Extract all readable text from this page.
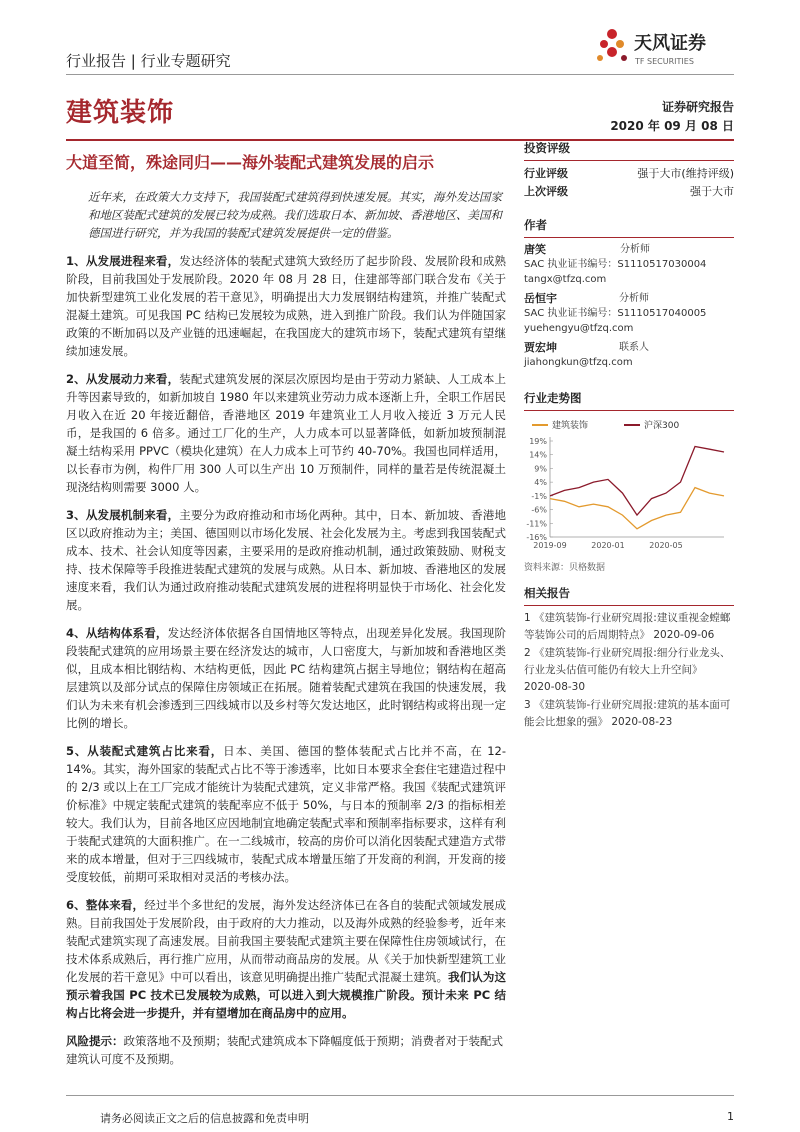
行业报告 | 行业专题研究
天风证券
TF SECURITIES
建筑装饰	证券研究报告
2020 年 09 月 08 日
大道至简，殊途同归——海外装配式建筑发展的启示

近年来，在政策大力支持下，我国装配式建筑得到快速发展。其实，海外发达国家和地区装配式建筑的发展已较为成熟。我们选取日本、新加坡、香港地区、美国和德国进行研究，并为我国的装配式建筑发展提供一定的借鉴。

1、从发展进程来看，发达经济体的装配式建筑大致经历了起步阶段、发展阶段和成熟阶段，目前我国处于发展阶段。2020 年 08 月 28 日，住建部等部门联合发布《关于加快新型建筑工业化发展的若干意见》，明确提出大力发展钢结构建筑，并推广装配式混凝土建筑。可见我国 PC 结构已发展较为成熟，进入到推广阶段。我们认为伴随国家政策的不断加码以及产业链的迅速崛起，在我国庞大的建筑市场下，装配式建筑有望继续加速发展。

2、从发展动力来看，装配式建筑发展的深层次原因均是由于劳动力紧缺、人工成本上升等因素导致的，如新加坡自 1980 年以来建筑业劳动力成本逐渐上升，全职工作居民月收入在近 20 年接近翻倍，香港地区 2019 年建筑业工人月收入接近 3 万元人民币，是我国的 6 倍多。通过工厂化的生产，人力成本可以显著降低，如新加坡预制混凝土结构采用 PPVC（模块化建筑）在人力成本上可节约 40-70%。我国也同样适用，以长春市为例，构件厂用 300 人可以生产出 10 万预制件，同样的量若是传统混凝土现浇结构则需要 3000 人。

3、从发展机制来看，主要分为政府推动和市场化两种。其中，日本、新加坡、香港地区以政府推动为主；美国、德国则以市场化发展、社会化发展为主。考虑到我国装配式成本、技术、社会认知度等因素，主要采用的是政府推动机制，通过政策鼓励、财税支持、技术保障等手段推进装配式建筑的发展与成熟。从日本、新加坡、香港地区的发展速度来看，我们认为通过政府推动装配式建筑发展的进程将明显快于市场化、社会化发展。

4、从结构体系看，发达经济体依据各自国情地区等特点，出现差异化发展。我国现阶段装配式建筑的应用场景主要在经济发达的城市，人口密度大，与新加坡和香港地区类似，且成本相比钢结构、木结构更低，因此 PC 结构建筑占据主导地位；钢结构在超高层建筑以及部分试点的保障住房领域正在拓展。随着装配式建筑在我国的快速发展，我们认为未来有机会渗透到三四线城市以及乡村等欠发达地区，此时钢结构或将出现一定比例的增长。

5、从装配式建筑占比来看，日本、美国、德国的整体装配式占比并不高，在 12-14%。其实，海外国家的装配式占比不等于渗透率，比如日本要求全套住宅建造过程中的 2/3 或以上在工厂完成才能统计为装配式建筑，定义非常严格。我国《装配式建筑评价标准》中规定装配式建筑的装配率应不低于 50%，与日本的预制率 2/3 的指标相差较大。我们认为，目前各地区应因地制宜地确定装配式率和预制率指标要求，这样有利于装配式建筑的大面积推广。在一二线城市，较高的房价可以消化因装配式建造方式带来的成本增量，但对于三四线城市，装配式成本增量压缩了开发商的利润，开发商的接受度较低，前期可采取相对灵活的考核办法。

6、整体来看，经过半个多世纪的发展，海外发达经济体已在各自的装配式领域发展成熟。目前我国处于发展阶段，由于政府的大力推动，以及海外成熟的经验参考，近年来装配式建筑实现了高速发展。目前我国主要装配式建筑主要在保障性住房领域试行，在技术体系成熟后，再行推广应用，从而带动商品房的发展。从《关于加快新型建筑工业化发展的若干意见》中可以看出，该意见明确提出推广装配式混凝土建筑。我们认为这预示着我国 PC 技术已发展较为成熟，可以进入到大规模推广阶段。预计未来 PC 结构占比将会进一步提升，并有望增加在商品房中的应用。

风险提示：政策落地不及预期；装配式建筑成本下降幅度低于预期；消费者对于装配式建筑认可度不及预期。

投资评级
行业评级	强于大市(维持评级)
上次评级	强于大市
作者
唐笑	分析师
SAC 执业证书编号：S1110517030004
tangx@tfzq.com
岳恒宇	分析师
SAC 执业证书编号：S1110517040005
yuehengyu@tfzq.com
贾宏坤	联系人
jiahongkun@tfzq.com
行业走势图
建筑装饰	沪深300
19%
14%
9%
4%
-1%
-6%
-11%
-16%
2019-09	2020-01	2020-05
资料来源：贝格数据
相关报告
1 《建筑装饰-行业研究周报:建议重视金螳螂等装饰公司的后周期特点》 2020-09-06
2 《建筑装饰-行业研究周报:细分行业龙头、行业龙头估值可能仍有较大上升空间》 2020-08-30
3 《建筑装饰-行业研究周报:建筑的基本面可能会比想象的强》 2020-08-23
请务必阅读正文之后的信息披露和免责申明	1
